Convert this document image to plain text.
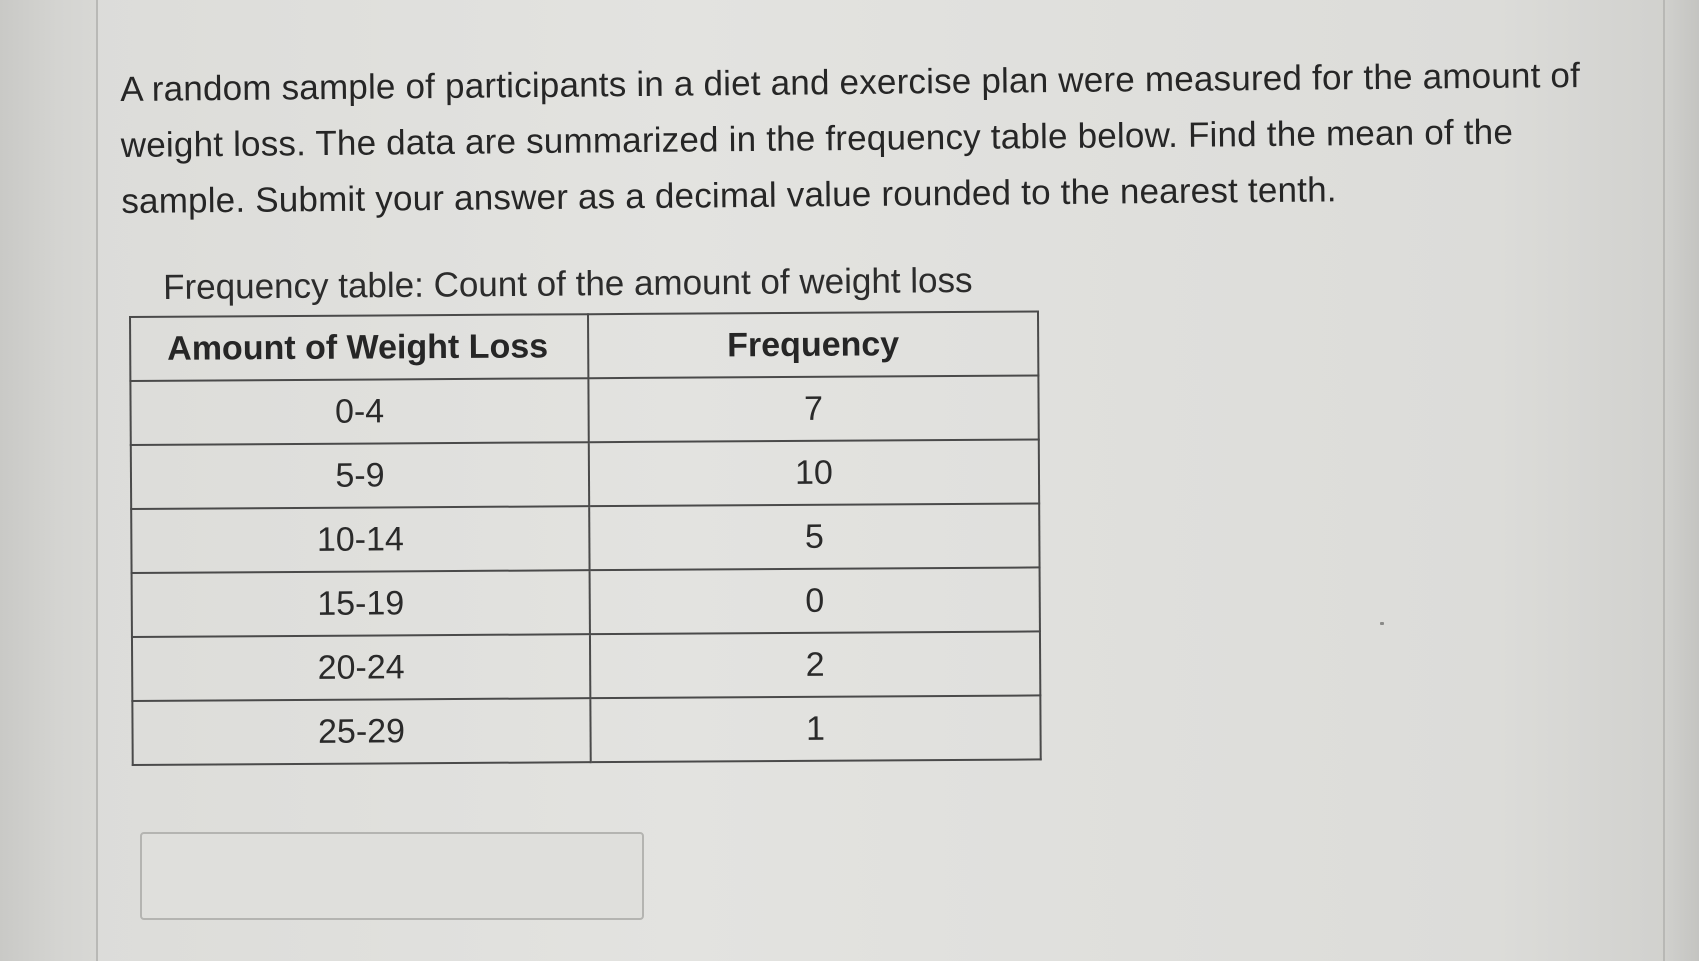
A random sample of participants in a diet and exercise plan were measured for the amount of weight loss. The data are summarized in the frequency table below. Find the mean of the sample. Submit your answer as a decimal value rounded to the nearest tenth.
Frequency table: Count of the amount of weight loss
Amount of Weight Loss	Frequency
0-4	7
5-9	10
10-14	5
15-19	0
20-24	2
25-29	1
